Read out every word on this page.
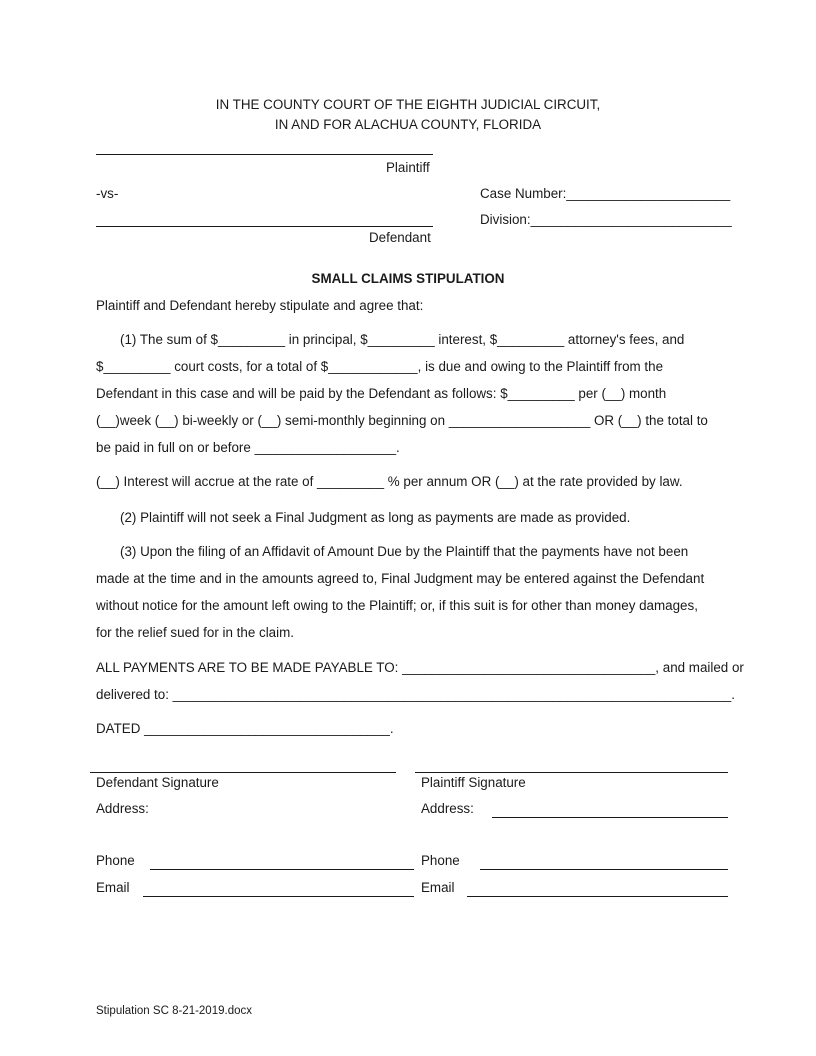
IN THE COUNTY COURT OF THE EIGHTH JUDICIAL CIRCUIT,
IN AND FOR ALACHUA COUNTY, FLORIDA
Plaintiff
-vs-	Case Number:______________________
Division:___________________________
Defendant
SMALL CLAIMS STIPULATION
Plaintiff and Defendant hereby stipulate and agree that:
(1) The sum of $_________ in principal, $_________ interest, $_________ attorney's fees, and
$_________ court costs, for a total of $____________, is due and owing to the Plaintiff from the
Defendant in this case and will be paid by the Defendant as follows: $_________ per (__) month
(__)week (__) bi-weekly or (__) semi-monthly beginning on ___________________ OR (__) the total to
be paid in full on or before ___________________.
(__) Interest will accrue at the rate of _________ % per annum OR (__) at the rate provided by law.
(2) Plaintiff will not seek a Final Judgment as long as payments are made as provided.
(3) Upon the filing of an Affidavit of Amount Due by the Plaintiff that the payments have not been
made at the time and in the amounts agreed to, Final Judgment may be entered against the Defendant
without notice for the amount left owing to the Plaintiff; or, if this suit is for other than money damages,
for the relief sued for in the claim.
ALL PAYMENTS ARE TO BE MADE PAYABLE TO: __________________________________, and mailed or
delivered to: ___________________________________________________________________________.
DATED _________________________________.
Defendant Signature
Address:
Phone
Email
Plaintiff Signature
Address:
Phone
Email
Stipulation SC 8-21-2019.docx
